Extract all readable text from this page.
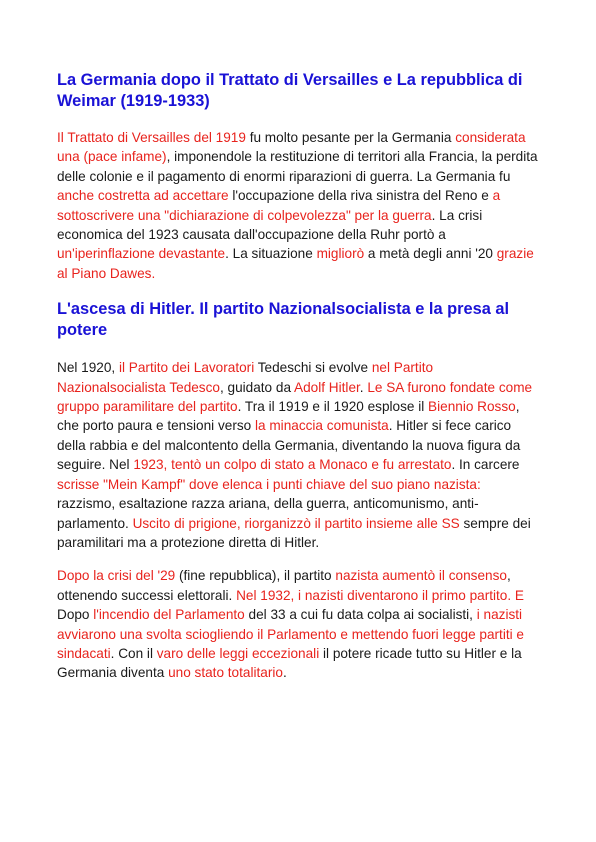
La Germania dopo il Trattato di Versailles e La repubblica di Weimar (1919-1933)

Il Trattato di Versailles del 1919 fu molto pesante per la Germania considerata una (pace infame), imponendole la restituzione di territori alla Francia, la perdita delle colonie e il pagamento di enormi riparazioni di guerra. La Germania fu anche costretta ad accettare l'occupazione della riva sinistra del Reno e a sottoscrivere una "dichiarazione di colpevolezza" per la guerra. La crisi economica del 1923 causata dall'occupazione della Ruhr portò a un'iperinflazione devastante. La situazione migliorò a metà degli anni '20 grazie al Piano Dawes.

L'ascesa di Hitler. Il partito Nazionalsocialista e la presa al potere

Nel 1920, il Partito dei Lavoratori Tedeschi si evolve nel Partito Nazionalsocialista Tedesco, guidato da Adolf Hitler. Le SA furono fondate come gruppo paramilitare del partito. Tra il 1919 e il 1920 esplose il Biennio Rosso, che porto paura e tensioni verso la minaccia comunista. Hitler si fece carico della rabbia e del malcontento della Germania, diventando la nuova figura da seguire. Nel 1923, tentò un colpo di stato a Monaco e fu arrestato. In carcere scrisse "Mein Kampf" dove elenca i punti chiave del suo piano nazista: razzismo, esaltazione razza ariana, della guerra, anticomunismo, anti-parlamento. Uscito di prigione, riorganizzò il partito insieme alle SS sempre dei paramilitari ma a protezione diretta di Hitler.

Dopo la crisi del '29 (fine repubblica), il partito nazista aumentò il consenso, ottenendo successi elettorali. Nel 1932, i nazisti diventarono il primo partito. E Dopo l'incendio del Parlamento del 33 a cui fu data colpa ai socialisti, i nazisti avviarono una svolta sciogliendo il Parlamento e mettendo fuori legge partiti e sindacati. Con il varo delle leggi eccezionali il potere ricade tutto su Hitler e la Germania diventa uno stato totalitario.
